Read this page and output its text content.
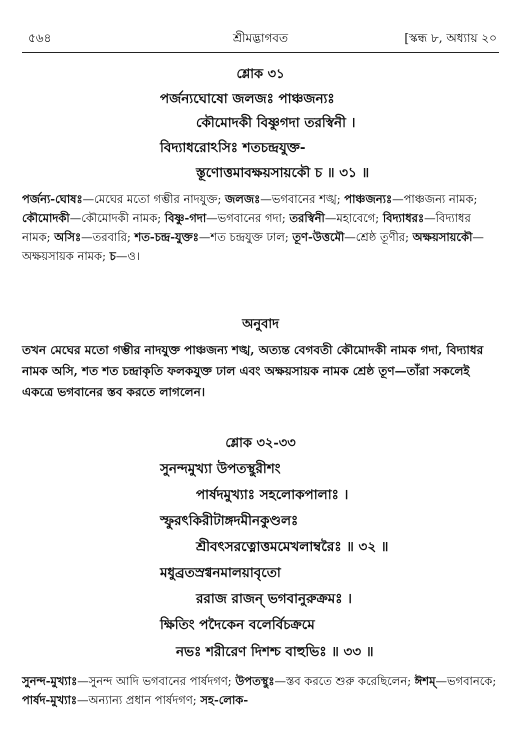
৫৬৪	শ্রীমদ্ভাগবত	[স্কন্ধ ৮, অধ্যায় ২০
শ্লোক ৩১
পর্জন্যঘোষো জলজঃ পাঞ্চজন্যঃ
কৌমোদকী বিষ্ণুগদা তরস্বিনী ।
বিদ্যাধরোঽসিঃ শতচন্দ্রযুক্ত-
স্তূণোত্তমাবক্ষয়সায়কৌ চ ॥ ৩১ ॥

পর্জন্য-ঘোষঃ—মেঘের মতো গম্ভীর নাদযুক্ত; জলজঃ—ভগবানের শঙ্খ; পাঞ্চজন্যঃ—পাঞ্চজন্য নামক; কৌমোদকী—কৌমোদকী নামক; বিষ্ণু-গদা—ভগবানের গদা; তরস্বিনী—মহাবেগে; বিদ্যাধরঃ—বিদ্যাধর নামক; অসিঃ—তরবারি; শত-চন্দ্র-যুক্তঃ—শত চন্দ্রযুক্ত ঢাল; তূণ-উত্তমৌ—শ্রেষ্ঠ তূণীর; অক্ষয়সায়কৌ—অক্ষয়সায়ক নামক; চ—ও।

অনুবাদ

তখন মেঘের মতো গম্ভীর নাদযুক্ত পাঞ্চজন্য শঙ্খ, অত্যন্ত বেগবতী কৌমোদকী নামক গদা, বিদ্যাধর নামক অসি, শত শত চন্দ্রাকৃতি ফলকযুক্ত ঢাল এবং অক্ষয়সায়ক নামক শ্রেষ্ঠ তূণ—তাঁরা সকলেই একত্রে ভগবানের স্তব করতে লাগলেন।

শ্লোক ৩২-৩৩
সুনন্দমুখ্যা উপতস্থুরীশং
পার্ষদমুখ্যাঃ সহলোকপালাঃ ।
স্ফুরৎকিরীটাঙ্গদমীনকুণ্ডলঃ
শ্রীবৎসরত্নোত্তমমেখলাম্বরৈঃ ॥ ৩২ ॥
মধুব্রতস্রগ্বনমালয়াবৃতো
ররাজ রাজন্ ভগবানুরুক্রমঃ ।
ক্ষিতিং পদৈকেন বলের্বিচক্রমে
নভঃ শরীরেণ দিশশ্চ বাহুভিঃ ॥ ৩৩ ॥

সুনন্দ-মুখ্যাঃ—সুনন্দ আদি ভগবানের পার্ষদগণ; উপতস্থুঃ—স্তব করতে শুরু করেছিলেন; ঈশম্—ভগবানকে; পার্ষদ-মুখ্যাঃ—অন্যান্য প্রধান পার্ষদগণ; সহ-লোক-
